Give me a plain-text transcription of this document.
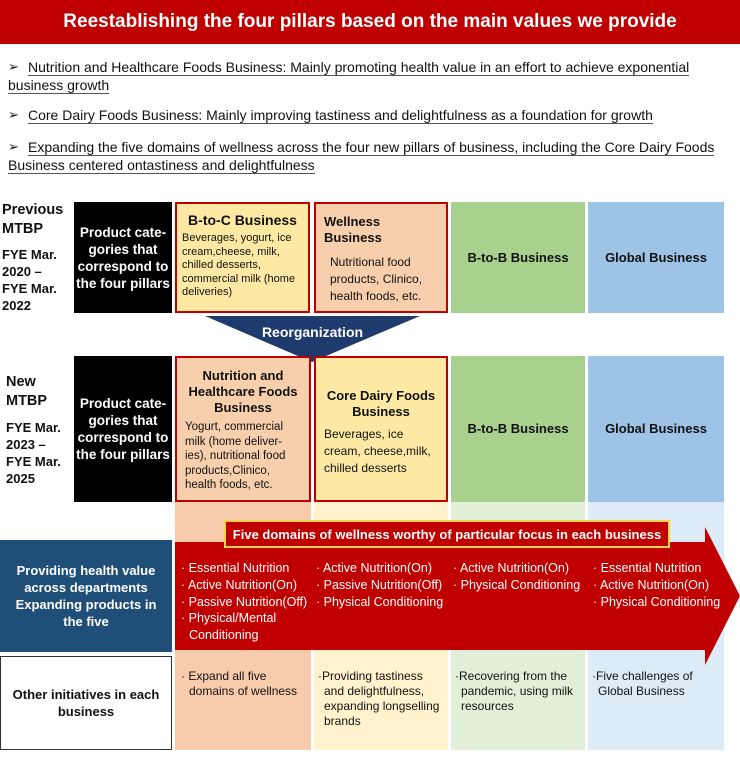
Reestablishing the four pillars based on the main values we provide
➢ Nutrition and Healthcare Foods Business: Mainly promoting health value in an effort to achieve exponential business growth
➢ Core Dairy Foods Business: Mainly improving tastiness and delightfulness as a foundation for growth
➢ Expanding the five domains of wellness across the four new pillars of business, including the Core Dairy Foods Business centered ontastiness and delightfulness
Previous MTBP
FYE Mar. 2020 – FYE Mar. 2022
Product cate-gories that correspond to the four pillars
B-to-C Business
Beverages, yogurt, ice cream,cheese, milk, chilled desserts, commercial milk (home deliveries)
Wellness Business
Nutritional food products, Clinico, health foods, etc.
B-to-B Business	Global Business
Reorganization
New MTBP
FYE Mar. 2023 – FYE Mar. 2025
Product cate-gories that correspond to the four pillars
Nutrition and Healthcare Foods Business
Yogurt, commercial milk (home deliver-ies), nutritional food products,Clinico, health foods, etc.
Core Dairy Foods Business
Beverages, ice cream, cheese,milk, chilled desserts
B-to-B Business	Global Business
Five domains of wellness worthy of particular focus in each business
· Essential Nutrition
· Active Nutrition(On)
· Passive Nutrition(Off)
· Physical/Mental Conditioning
· Active Nutrition(On)
· Passive Nutrition(Off)
· Physical Conditioning
· Active Nutrition(On)
· Physical Conditioning
· Essential Nutrition
· Active Nutrition(On)
· Physical Conditioning
Providing health value across departments Expanding products in the five
Other initiatives in each business
· Expand all five domains of wellness
·Providing tastiness and delightfulness, expanding longselling brands
·Recovering from the pandemic, using milk resources
·Five challenges of Global Business
